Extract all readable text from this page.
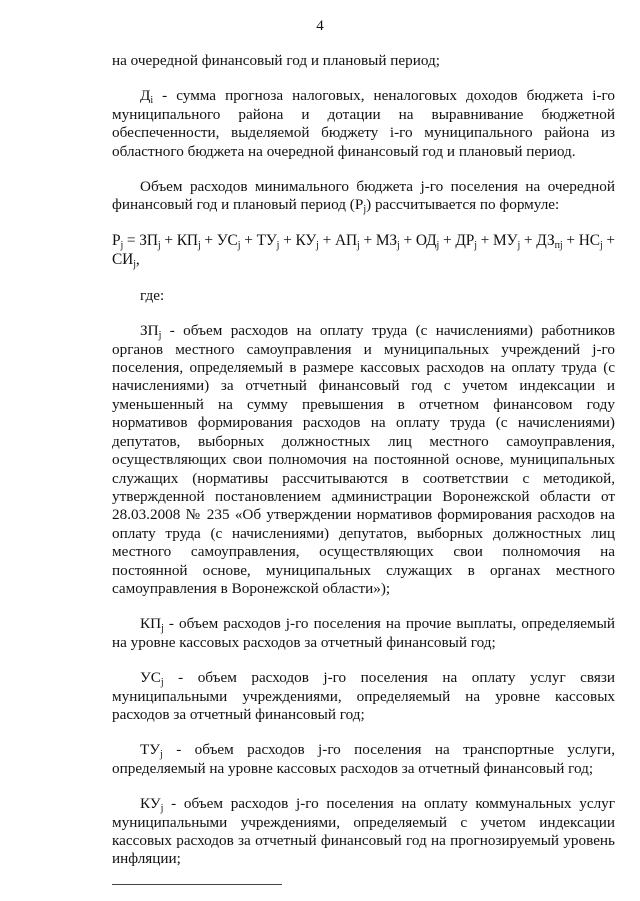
4

на очередной финансовый год и плановый период;

$Д_i$ - сумма прогноза налоговых, неналоговых доходов бюджета i-го муниципального района и дотации на выравнивание бюджетной обеспеченности, выделяемой бюджету i-го муниципального района из областного бюджета на очередной финансовый год и плановый период.

Объем расходов минимального бюджета j-го поселения на очередной финансовый год и плановый период $(Р_j)$ рассчитывается по формуле:

$Р_j = ЗП_j + КП_j + УС_j + ТУ_j + КУ_j + АП_j + МЗ_j + ОД_j + ДР_j + МУ_j + ДЗ_{пj} + НС_j + СИ_j$,

где:

$ЗП_j$ - объем расходов на оплату труда (с начислениями) работников органов местного самоуправления и муниципальных учреждений j-го поселения, определяемый в размере кассовых расходов на оплату труда (с начислениями) за отчетный финансовый год с учетом индексации и уменьшенный на сумму превышения в отчетном финансовом году нормативов формирования расходов на оплату труда (с начислениями) депутатов, выборных должностных лиц местного самоуправления, осуществляющих свои полномочия на постоянной основе, муниципальных служащих (нормативы рассчитываются в соответствии с методикой, утвержденной постановлением администрации Воронежской области от 28.03.2008 № 235 «Об утверждении нормативов формирования расходов на оплату труда (с начислениями) депутатов, выборных должностных лиц местного самоуправления, осуществляющих свои полномочия на постоянной основе, муниципальных служащих в органах местного самоуправления в Воронежской области»);

$КП_j$ - объем расходов j-го поселения на прочие выплаты, определяемый на уровне кассовых расходов за отчетный финансовый год;

$УС_j$ - объем расходов j-го поселения на оплату услуг связи муниципальными учреждениями, определяемый на уровне кассовых расходов за отчетный финансовый год;

$ТУ_j$ - объем расходов j-го поселения на транспортные услуги, определяемый на уровне кассовых расходов за отчетный финансовый год;

$КУ_j$ - объем расходов j-го поселения на оплату коммунальных услуг муниципальными учреждениями, определяемый с учетом индексации кассовых расходов за отчетный финансовый год на прогнозируемый уровень инфляции;
